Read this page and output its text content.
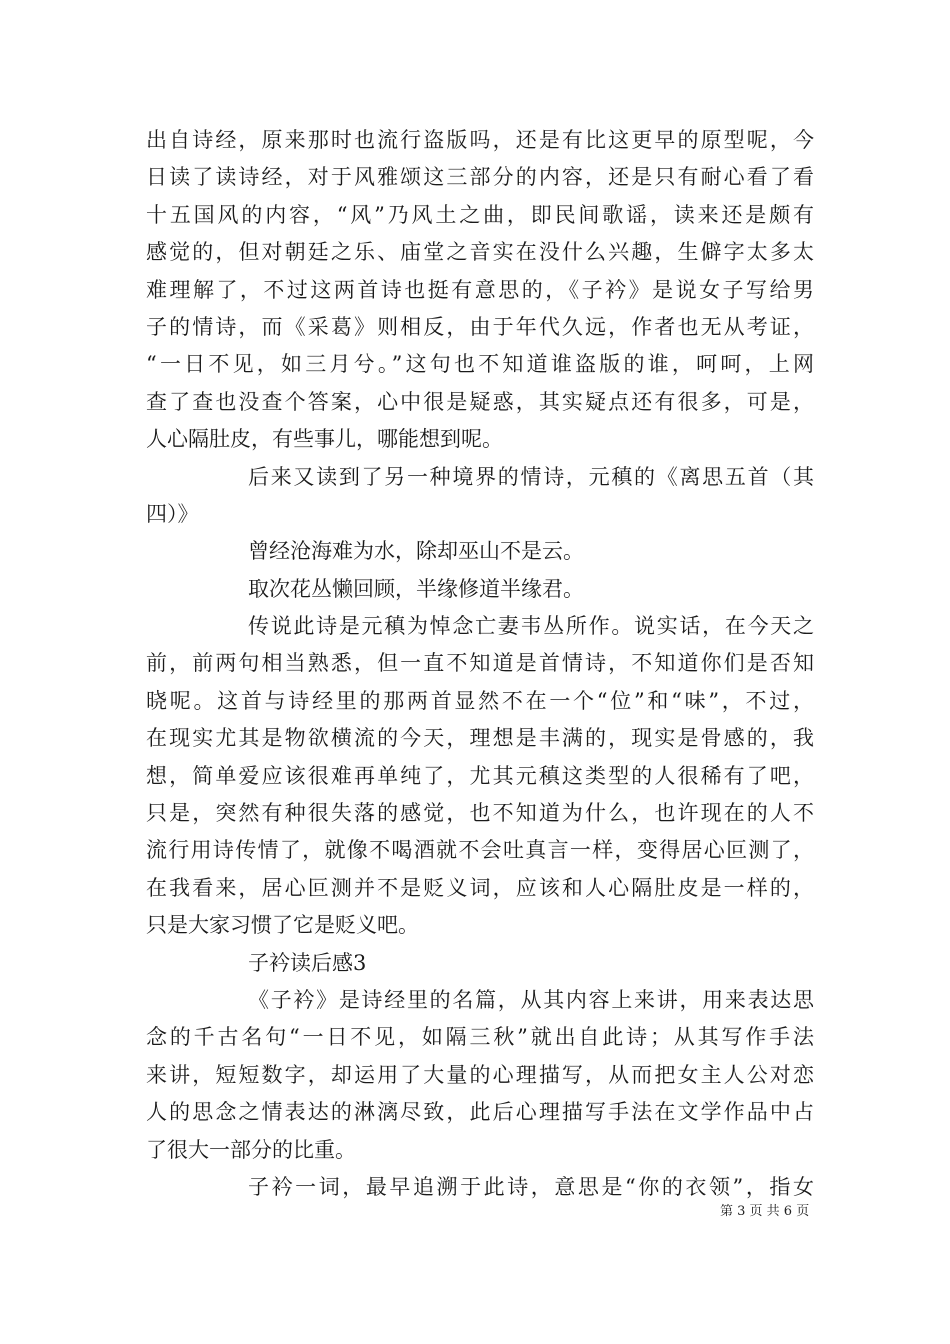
出自诗经，原来那时也流行盗版吗，还是有比这更早的原型呢，今
日读了读诗经，对于风雅颂这三部分的内容，还是只有耐心看了看
十五国风的内容，“风”乃风土之曲，即民间歌谣，读来还是颇有
感觉的，但对朝廷之乐、庙堂之音实在没什么兴趣，生僻字太多太
难理解了，不过这两首诗也挺有意思的，《子衿》是说女子写给男
子的情诗，而《采葛》则相反，由于年代久远，作者也无从考证，
“一日不见，如三月兮。”这句也不知道谁盗版的谁，呵呵，上网
查了查也没查个答案，心中很是疑惑，其实疑点还有很多，可是，
人心隔肚皮，有些事儿，哪能想到呢。
后来又读到了另一种境界的情诗，元稹的《离思五首（其
四）》
曾经沧海难为水，除却巫山不是云。
取次花丛懒回顾，半缘修道半缘君。
传说此诗是元稹为悼念亡妻韦丛所作。说实话，在今天之
前，前两句相当熟悉，但一直不知道是首情诗，不知道你们是否知
晓呢。这首与诗经里的那两首显然不在一个“位”和“味”，不过，
在现实尤其是物欲横流的今天，理想是丰满的，现实是骨感的，我
想，简单爱应该很难再单纯了，尤其元稹这类型的人很稀有了吧，
只是，突然有种很失落的感觉，也不知道为什么，也许现在的人不
流行用诗传情了，就像不喝酒就不会吐真言一样，变得居心叵测了，
在我看来，居心叵测并不是贬义词，应该和人心隔肚皮是一样的，
只是大家习惯了它是贬义吧。
子衿读后感3
《子衿》是诗经里的名篇，从其内容上来讲，用来表达思
念的千古名句“一日不见，如隔三秋”就出自此诗；从其写作手法
来讲，短短数字，却运用了大量的心理描写，从而把女主人公对恋
人的思念之情表达的淋漓尽致，此后心理描写手法在文学作品中占
了很大一部分的比重。
子衿一词，最早追溯于此诗，意思是“你的衣领”，指女
第 3 页 共 6 页
